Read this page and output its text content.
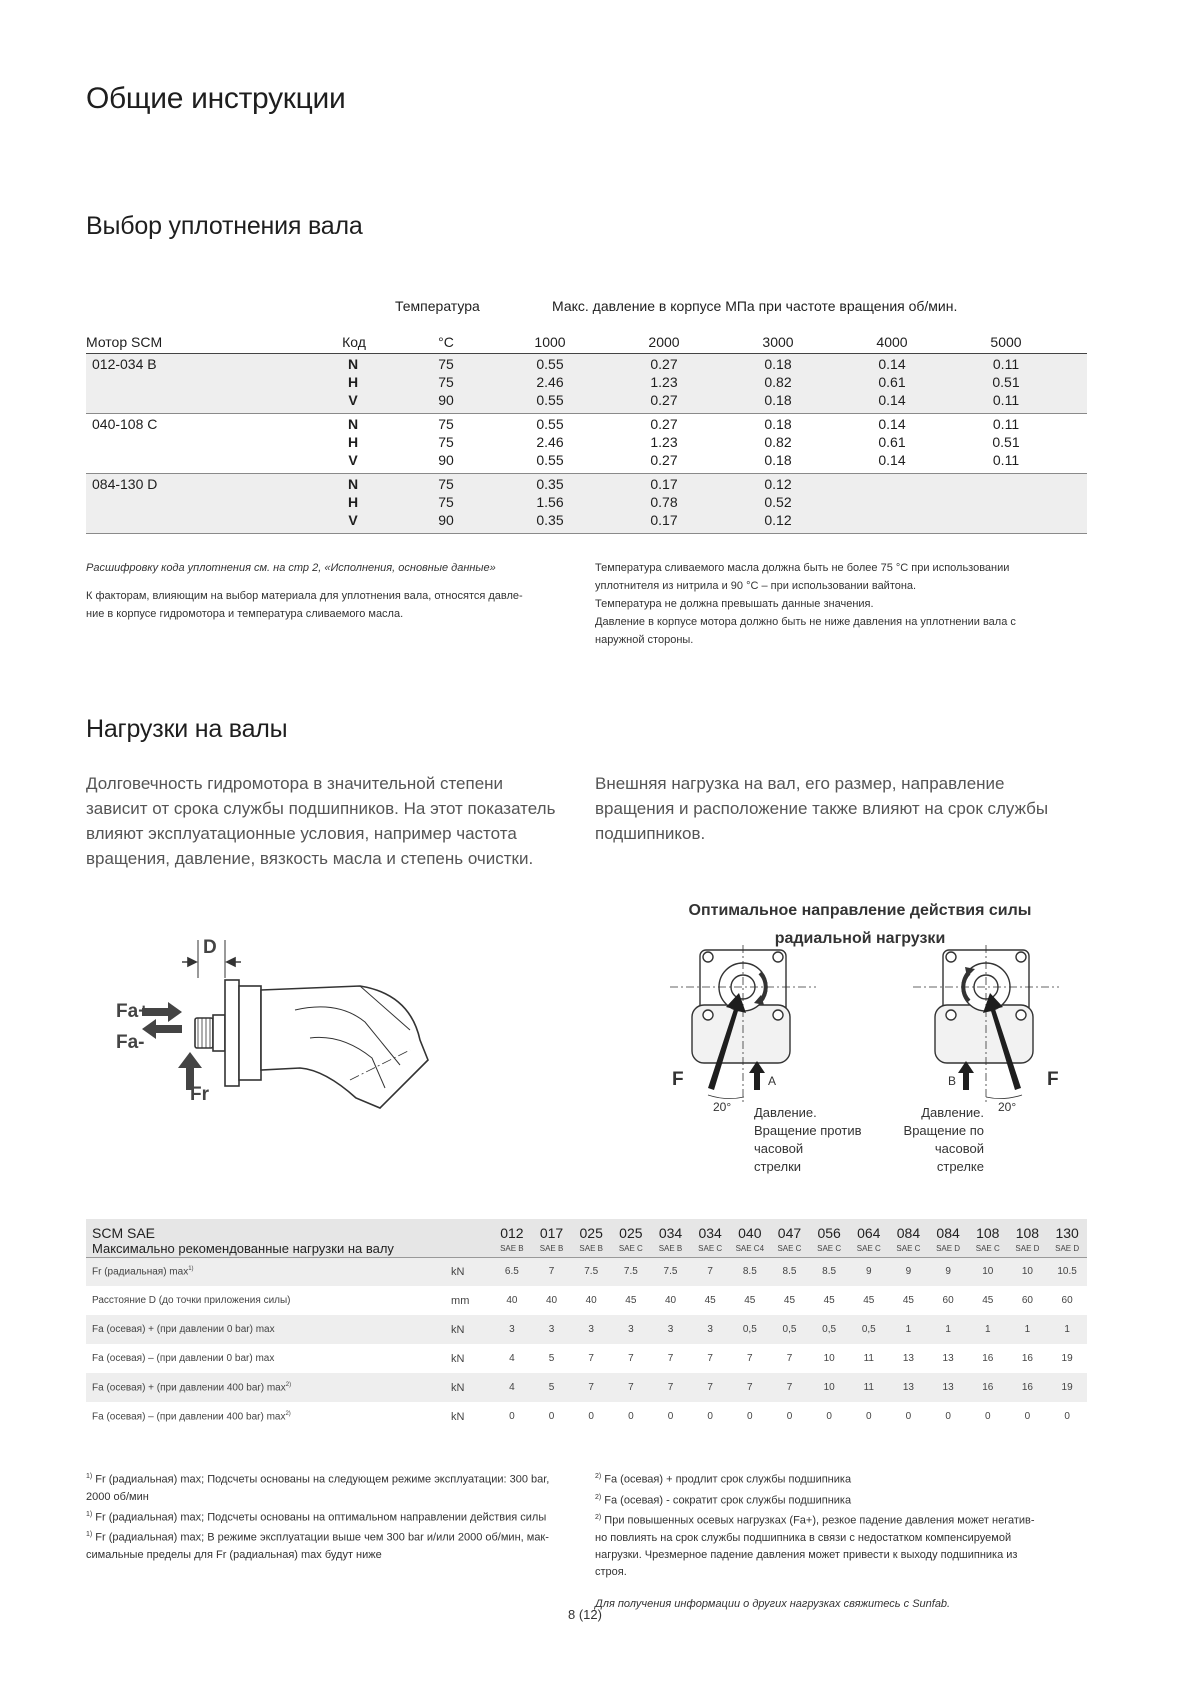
Общие инструкции
Выбор уплотнения вала
Температура	Макс. давление в корпусе МПа при частоте вращения об/мин.
Мотор SCM	Код	°C	1000	2000	3000	4000	5000
012-034 B	N	75	0.55	0.27	0.18	0.14	0.11
H	75	2.46	1.23	0.82	0.61	0.51
V	90	0.55	0.27	0.18	0.14	0.11
040-108 C	N	75	0.55	0.27	0.18	0.14	0.11
H	75	2.46	1.23	0.82	0.61	0.51
V	90	0.55	0.27	0.18	0.14	0.11
084-130 D	N	75	0.35	0.17	0.12
H	75	1.56	0.78	0.52
V	90	0.35	0.17	0.12
Расшифровку кода уплотнения см. на стр 2, «Исполнения, основные данные»

К факторам, влияющим на выбор материала для уплотнения вала, относятся давле-
ние в корпусе гидромотора и температура сливаемого масла.
Температура сливаемого масла должна быть не более 75 °C при использовании
уплотнителя из нитрила и 90 °C – при использовании вайтона.
Температура не должна превышать данные значения.
Давление в корпусе мотора должно быть не ниже давления на уплотнении вала с
наружной стороны.
Нагрузки на валы
Долговечность гидромотора в значительной степени
зависит от срока службы подшипников. На этот показатель
влияют эксплуатационные условия, например частота
вращения, давление, вязкость масла и степень очистки.
Внешняя нагрузка на вал, его размер, направление
вращения и расположение также влияют на срок службы
подшипников.
D
Fa+
Fa-
Fr
Оптимальное направление действия силы
радиальной нагрузки
F	A
20°
F
B
20°
Давление.
Вращение против
часовой
стрелки
Давление.
Вращение по
часовой
стрелке
SCM SAE		012	017	025	025	034	034	040	047	056	064	084	084	108	108	130
Максимально рекомендованные нагрузки на валу		SAE B	SAE B	SAE B	SAE C	SAE B	SAE C	SAE C4	SAE C	SAE C	SAE C	SAE C	SAE D	SAE C	SAE D	SAE D
Fr (радиальная) $\max^{1)}$	kN	6.5	7	7.5	7.5	7.5	7	8.5	8.5	8.5	9	9	9	10	10	10.5
Расстояние D (до точки приложения силы)	mm	40	40	40	45	40	45	45	45	45	45	45	60	45	60	60
Fa (осевая) + (при давлении 0 bar) max	kN	3	3	3	3	3	3	0,5	0,5	0,5	0,5	1	1	1	1	1
Fa (осевая) – (при давлении 0 bar) max	kN	4	5	7	7	7	7	7	7	10	11	13	13	16	16	19
Fa (осевая) + (при давлении 400 bar) $\max^{2)}$	kN	4	5	7	7	7	7	7	7	10	11	13	13	16	16	19
Fa (осевая) – (при давлении 400 bar) $\max^{2)}$	kN	0	0	0	0	0	0	0	0	0	0	0	0	0	0	0
$^{1)}$ Fr (радиальная) max; Подсчеты основаны на следующем режиме эксплуатации: 300 bar,
2000 об/мин
$^{1)}$ Fr (радиальная) max; Подсчеты основаны на оптимальном направлении действия силы
$^{1)}$ Fr (радиальная) max; В режиме эксплуатации выше чем 300 bar и/или 2000 об/мин, мак-
симальные пределы для Fr (радиальная) max будут ниже
$^{2)}$ Fa (осевая) + продлит срок службы подшипника
$^{2)}$ Fa (осевая) - сократит срок службы подшипника
$^{2)}$ При повышенных осевых нагрузках (Fa+), резкое падение давления может негатив-
но повлиять на срок службы подшипника в связи с недостатком компенсируемой
нагрузки. Чрезмерное падение давления может привести к выходу подшипника из
строя.
Для получения информации о других нагрузках свяжитесь с Sunfab.
8 (12)
